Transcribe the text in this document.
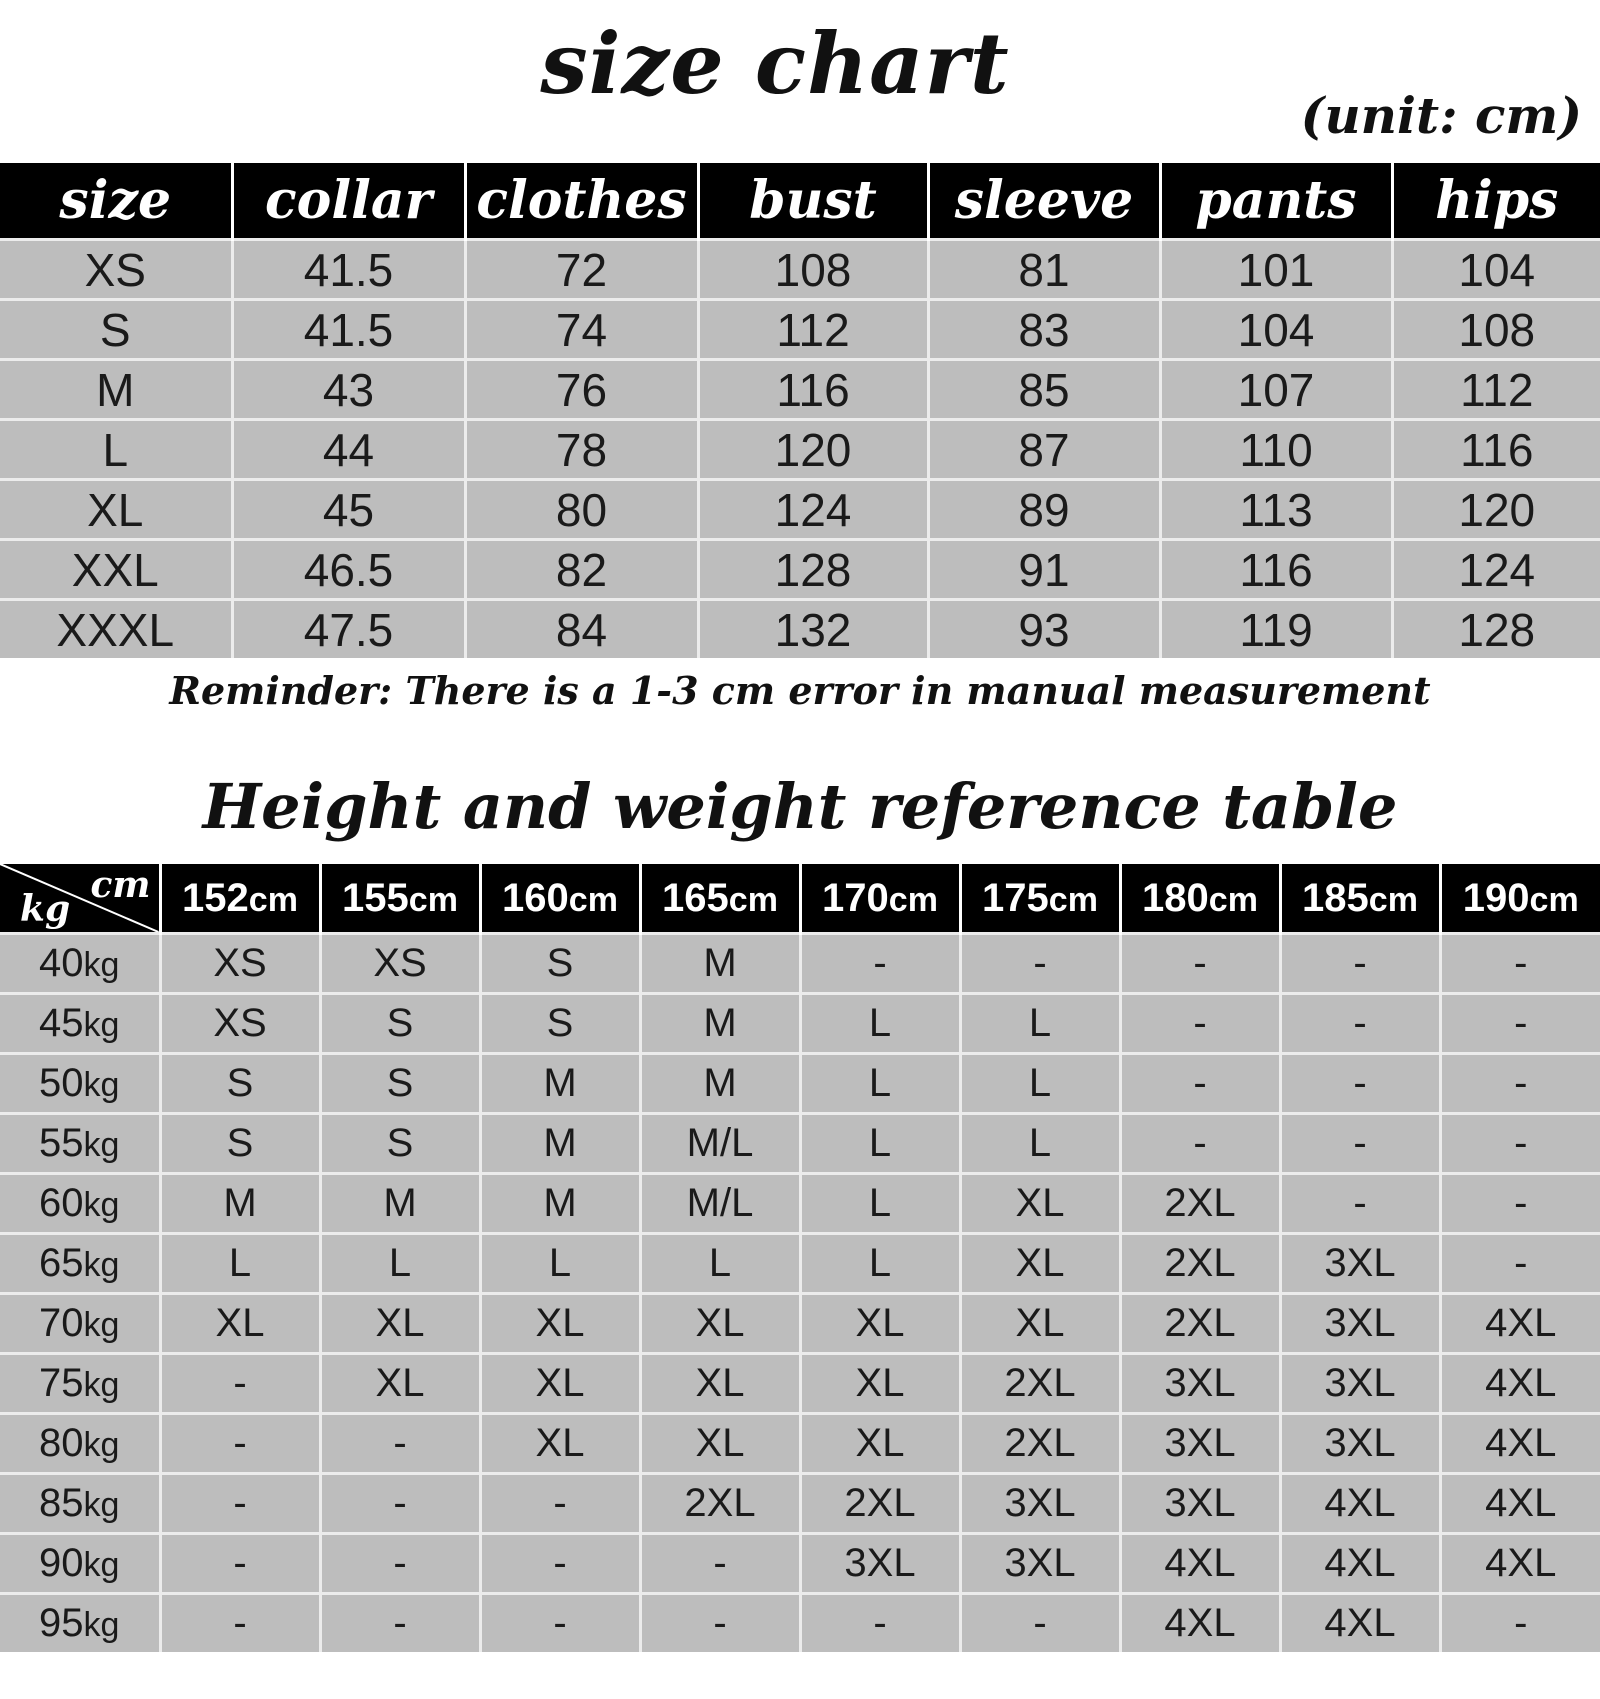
size chart
(unit: cm)
size	collar	clothes	bust	sleeve	pants	hips
XS	41.5	72	108	81	101	104
S	41.5	74	112	83	104	108
M	43	76	116	85	107	112
L	44	78	120	87	110	116
XL	45	80	124	89	113	120
XXL	46.5	82	128	91	116	124
XXXL	47.5	84	132	93	119	128
Reminder: There is a 1-3 cm error in manual measurement
Height and weight reference table
cm
kg	152cm	155cm	160cm	165cm	170cm	175cm	180cm	185cm	190cm
40kg	XS	XS	S	M	-	-	-	-	-
45kg	XS	S	S	M	L	L	-	-	-
50kg	S	S	M	M	L	L	-	-	-
55kg	S	S	M	M/L	L	L	-	-	-
60kg	M	M	M	M/L	L	XL	2XL	-	-
65kg	L	L	L	L	L	XL	2XL	3XL	-
70kg	XL	XL	XL	XL	XL	XL	2XL	3XL	4XL
75kg	-	XL	XL	XL	XL	2XL	3XL	3XL	4XL
80kg	-	-	XL	XL	XL	2XL	3XL	3XL	4XL
85kg	-	-	-	2XL	2XL	3XL	3XL	4XL	4XL
90kg	-	-	-	-	3XL	3XL	4XL	4XL	4XL
95kg	-	-	-	-	-	-	4XL	4XL	-
